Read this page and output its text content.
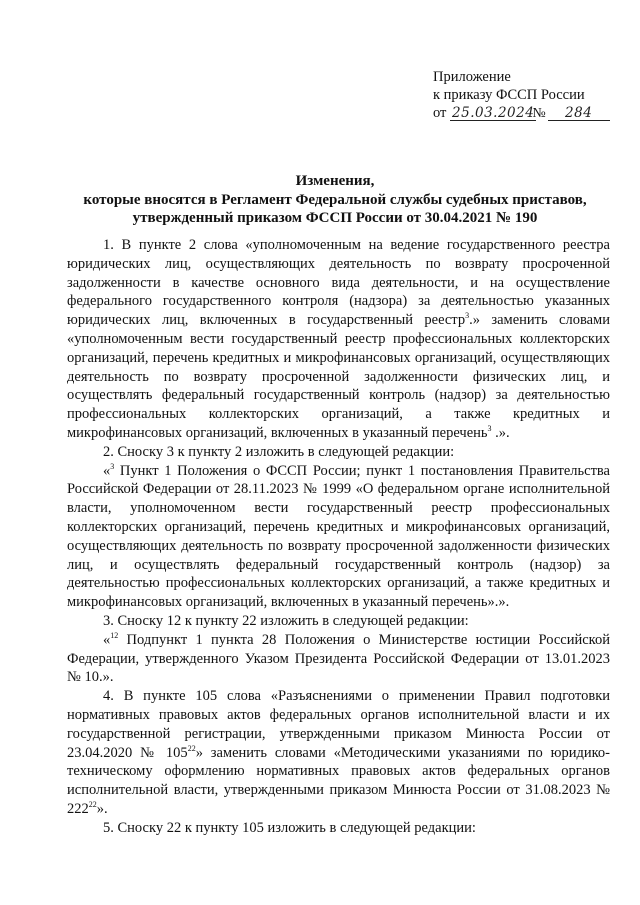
Приложение
к приказу ФССП России
от 25.03.2024№ 284
Изменения,
которые вносятся в Регламент Федеральной службы судебных приставов,
утвержденный приказом ФССП России от 30.04.2021 № 190

1. В пункте 2 слова «уполномоченным на ведение государственного реестра юридических лиц, осуществляющих деятельность по возврату просроченной задолженности в качестве основного вида деятельности, и на осуществление федерального государственного контроля (надзора) за деятельностью указанных юридических лиц, включенных в государственный реестр$^3$.» заменить словами «уполномоченным вести государственный реестр профессиональных коллекторских организаций, перечень кредитных и микрофинансовых организаций, осуществляющих деятельность по возврату просроченной задолженности физических лиц, и осуществлять федеральный государственный контроль (надзор) за деятельностью профессиональных коллекторских организаций, а также кредитных и микрофинансовых организаций, включенных в указанный перечень$^3$ .».

2. Сноску 3 к пункту 2 изложить в следующей редакции:

«$^3$ Пункт 1 Положения о ФССП России; пункт 1 постановления Правительства Российской Федерации от 28.11.2023 № 1999 «О федеральном органе исполнительной власти, уполномоченном вести государственный реестр профессиональных коллекторских организаций, перечень кредитных и микрофинансовых организаций, осуществляющих деятельность по возврату просроченной задолженности физических лиц, и осуществлять федеральный государственный контроль (надзор) за деятельностью профессиональных коллекторских организаций, а также кредитных и микрофинансовых организаций, включенных в указанный перечень».».

3. Сноску 12 к пункту 22 изложить в следующей редакции:

«$^{12}$ Подпункт 1 пункта 28 Положения о Министерстве юстиции Российской Федерации, утвержденного Указом Президента Российской Федерации от 13.01.2023 № 10.».

4. В пункте 105 слова «Разъяснениями о применении Правил подготовки нормативных правовых актов федеральных органов исполнительной власти и их государственной регистрации, утвержденными приказом Минюста России от 23.04.2020 № $105^{22}$» заменить словами «Методическими указаниями по юридико-техническому оформлению нормативных правовых актов федеральных органов исполнительной власти, утвержденными приказом Минюста России от 31.08.2023 № $222^{22}$».

5. Сноску 22 к пункту 105 изложить в следующей редакции:
